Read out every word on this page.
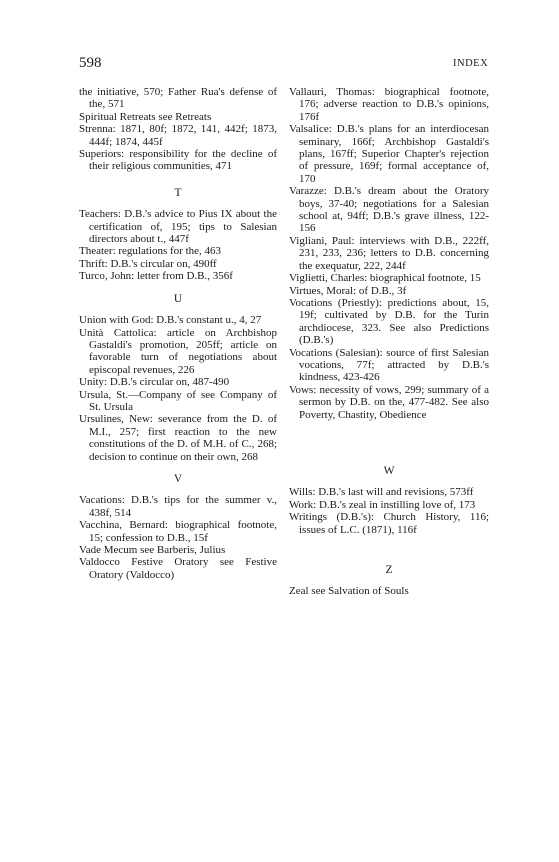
598	INDEX

the initiative, 570; Father Rua's defense of the, 571

Spiritual Retreats see Retreats

Strenna: 1871, 80f; 1872, 141, 442f; 1873, 444f; 1874, 445f

Superiors: responsibility for the decline of their religious communities, 471

T

Teachers: D.B.'s advice to Pius IX about the certification of, 195; tips to Salesian directors about t., 447f

Theater: regulations for the, 463

Thrift: D.B.'s circular on, 490ff

Turco, John: letter from D.B., 356f

U

Union with God: D.B.'s constant u., 4, 27

Unità Cattolica: article on Archbishop Gastaldi's promotion, 205ff; article on favorable turn of negotiations about episcopal revenues, 226

Unity: D.B.'s circular on, 487-490

Ursula, St.—Company of see Company of St. Ursula

Ursulines, New: severance from the D. of M.I., 257; first reaction to the new constitutions of the D. of M.H. of C., 268; decision to continue on their own, 268

V

Vacations: D.B.'s tips for the summer v., 438f, 514

Vacchina, Bernard: biographical footnote, 15; confession to D.B., 15f

Vade Mecum see Barberis, Julius

Valdocco Festive Oratory see Festive Oratory (Valdocco)

Vallauri, Thomas: biographical footnote, 176; adverse reaction to D.B.'s opinions, 176f

Valsalice: D.B.'s plans for an interdiocesan seminary, 166f; Archbishop Gastaldi's plans, 167ff; Superior Chapter's rejection of pressure, 169f; formal acceptance of, 170

Varazze: D.B.'s dream about the Oratory boys, 37-40; negotiations for a Salesian school at, 94ff; D.B.'s grave illness, 122-156

Vigliani, Paul: interviews with D.B., 222ff, 231, 233, 236; letters to D.B. concerning the exequatur, 222, 244f

Viglietti, Charles: biographical footnote, 15

Virtues, Moral: of D.B., 3f

Vocations (Priestly): predictions about, 15, 19f; cultivated by D.B. for the Turin archdiocese, 323. See also Predictions (D.B.'s)

Vocations (Salesian): source of first Salesian vocations, 77f; attracted by D.B.'s kindness, 423-426

Vows: necessity of vows, 299; summary of a sermon by D.B. on the, 477-482. See also Poverty, Chastity, Obedience

W

Wills: D.B.'s last will and revisions, 573ff

Work: D.B.'s zeal in instilling love of, 173

Writings (D.B.'s): Church History, 116; issues of L.C. (1871), 116f

Z

Zeal see Salvation of Souls
